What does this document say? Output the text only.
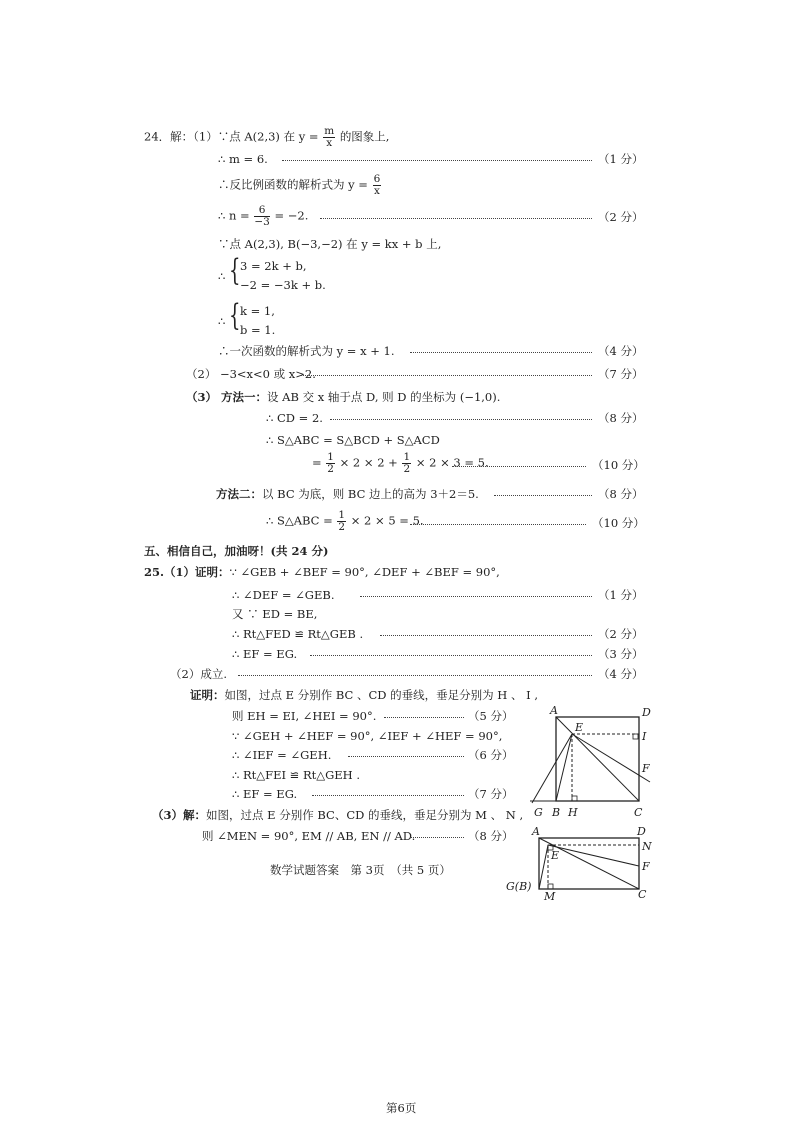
24．解：（1）∵点 A(2,3) 在 $y = \frac{m}{x}$ 的图象上,
∴ m = 6.	（1 分）
∴反比例函数的解析式为 $y = \frac{6}{x}$
∴ $n = \frac{6}{-3} = -2$.	（2 分）
∵点 A(2,3), B(−3,−2) 在 y = kx + b 上,
∴ { 3 = 2k + b,
−2 = −3k + b.
∴ { k = 1,
b = 1.
∴一次函数的解析式为 y = x + 1.	（4 分）
（2） −3<x<0 或 x>2.	（7 分）
（3） 方法一：设 AB 交 x 轴于点 D, 则 D 的坐标为 (−1,0).
∴ CD = 2.	（8 分）
∴ S△ABC = S△BCD + S△ACD
= $\frac{1}{2} \times 2 \times 2 + \frac{1}{2} \times 2 \times 3 = 5$.	（10 分）
方法二：以 BC 为底，则 BC 边上的高为 3＋2＝5.	（8 分）
∴ S△ABC = $\frac{1}{2} \times 2 \times 5 = 5$.	（10 分）
五、相信自己，加油呀！(共 24 分)
25.（1）证明：∵ ∠GEB + ∠BEF = 90°, ∠DEF + ∠BEF = 90°,
∴ ∠DEF = ∠GEB.	（1 分）
又 ∵ ED = BE,
∴ Rt△FED ≌ Rt△GEB .	（2 分）
∴ EF = EG.	（3 分）
（2）成立.	（4 分）
证明：如图，过点 E 分别作 BC 、CD 的垂线，垂足分别为 H 、 I ,
则 EH = EI, ∠HEI = 90°.	（5 分）
∵ ∠GEH + ∠HEF = 90°, ∠IEF + ∠HEF = 90°,
∴ ∠IEF = ∠GEH.	（6 分）
∴ Rt△FEI ≌ Rt△GEH .
∴ EF = EG.	（7 分）
（3）解：如图，过点 E 分别作 BC、CD 的垂线，垂足分别为 M 、 N ,
则 ∠MEN = 90°, EM // AB, EN // AD.	（8 分）
数学试题答案　第 3页　（共 5 页）
第6页
A	D
E
I
F
G B H	C
A	D
N
E
F
G(B)
M	C
